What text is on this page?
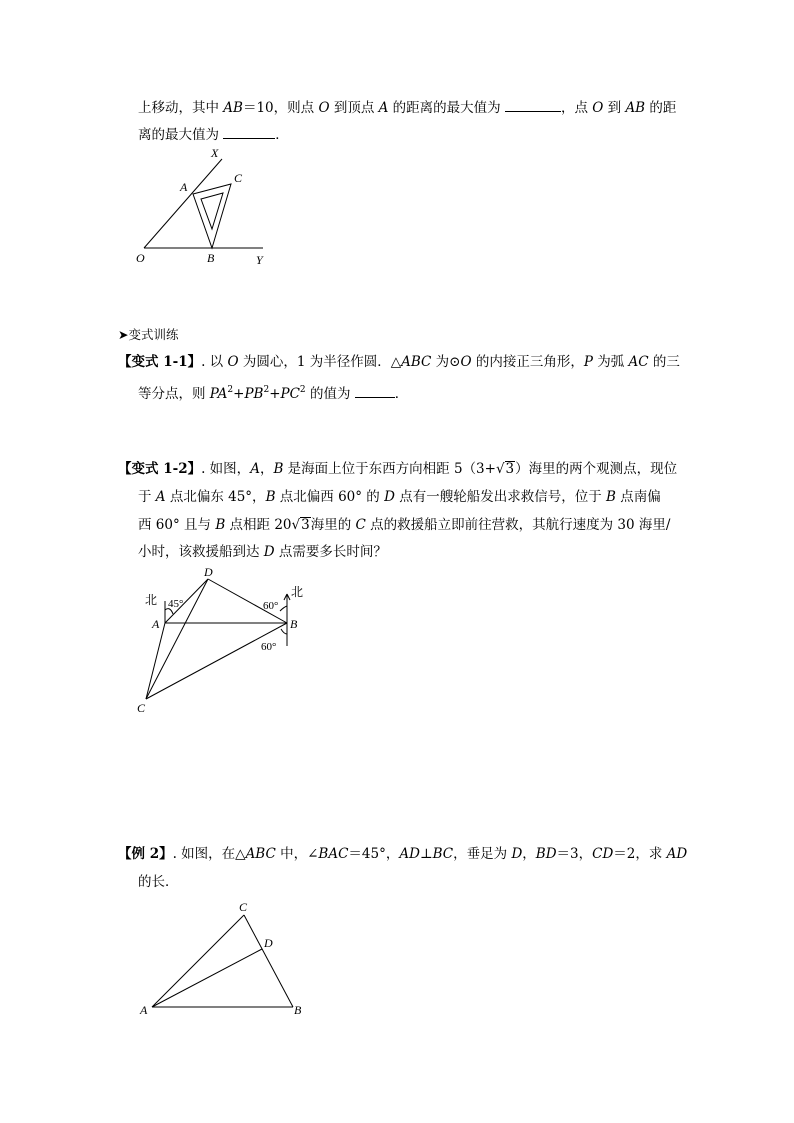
上移动，其中 AB＝10，则点 O 到顶点 A 的距离的最大值为	，点 O 到 AB 的距
离的最大值为	．
X
A
C
O	B	Y
➤变式训练
【变式 1-1】. 以 O 为圆心，1 为半径作圆．△ABC 为⊙O 的内接正三角形，P 为弧 AC 的三
等分点，则 $PA^2+PB^2+PC^2$ 的值为	．
【变式 1-2】. 如图，A，B 是海面上位于东西方向相距 5（3+√3）海里的两个观测点，现位
于 A 点北偏东 45°，B 点北偏西 60° 的 D 点有一艘轮船发出求救信号，位于 B 点南偏
西 60° 且与 B 点相距 20√3海里的 C 点的救援船立即前往营救，其航行速度为 30 海里/
小时，该救援船到达 D 点需要多长时间？
D
北 45°
A
60°
北
B
60°
C
【例 2】. 如图，在△ABC 中，∠BAC＝45°，AD⊥BC，垂足为 D，BD＝3，CD＝2，求 AD
的长．
C
D
A	B
